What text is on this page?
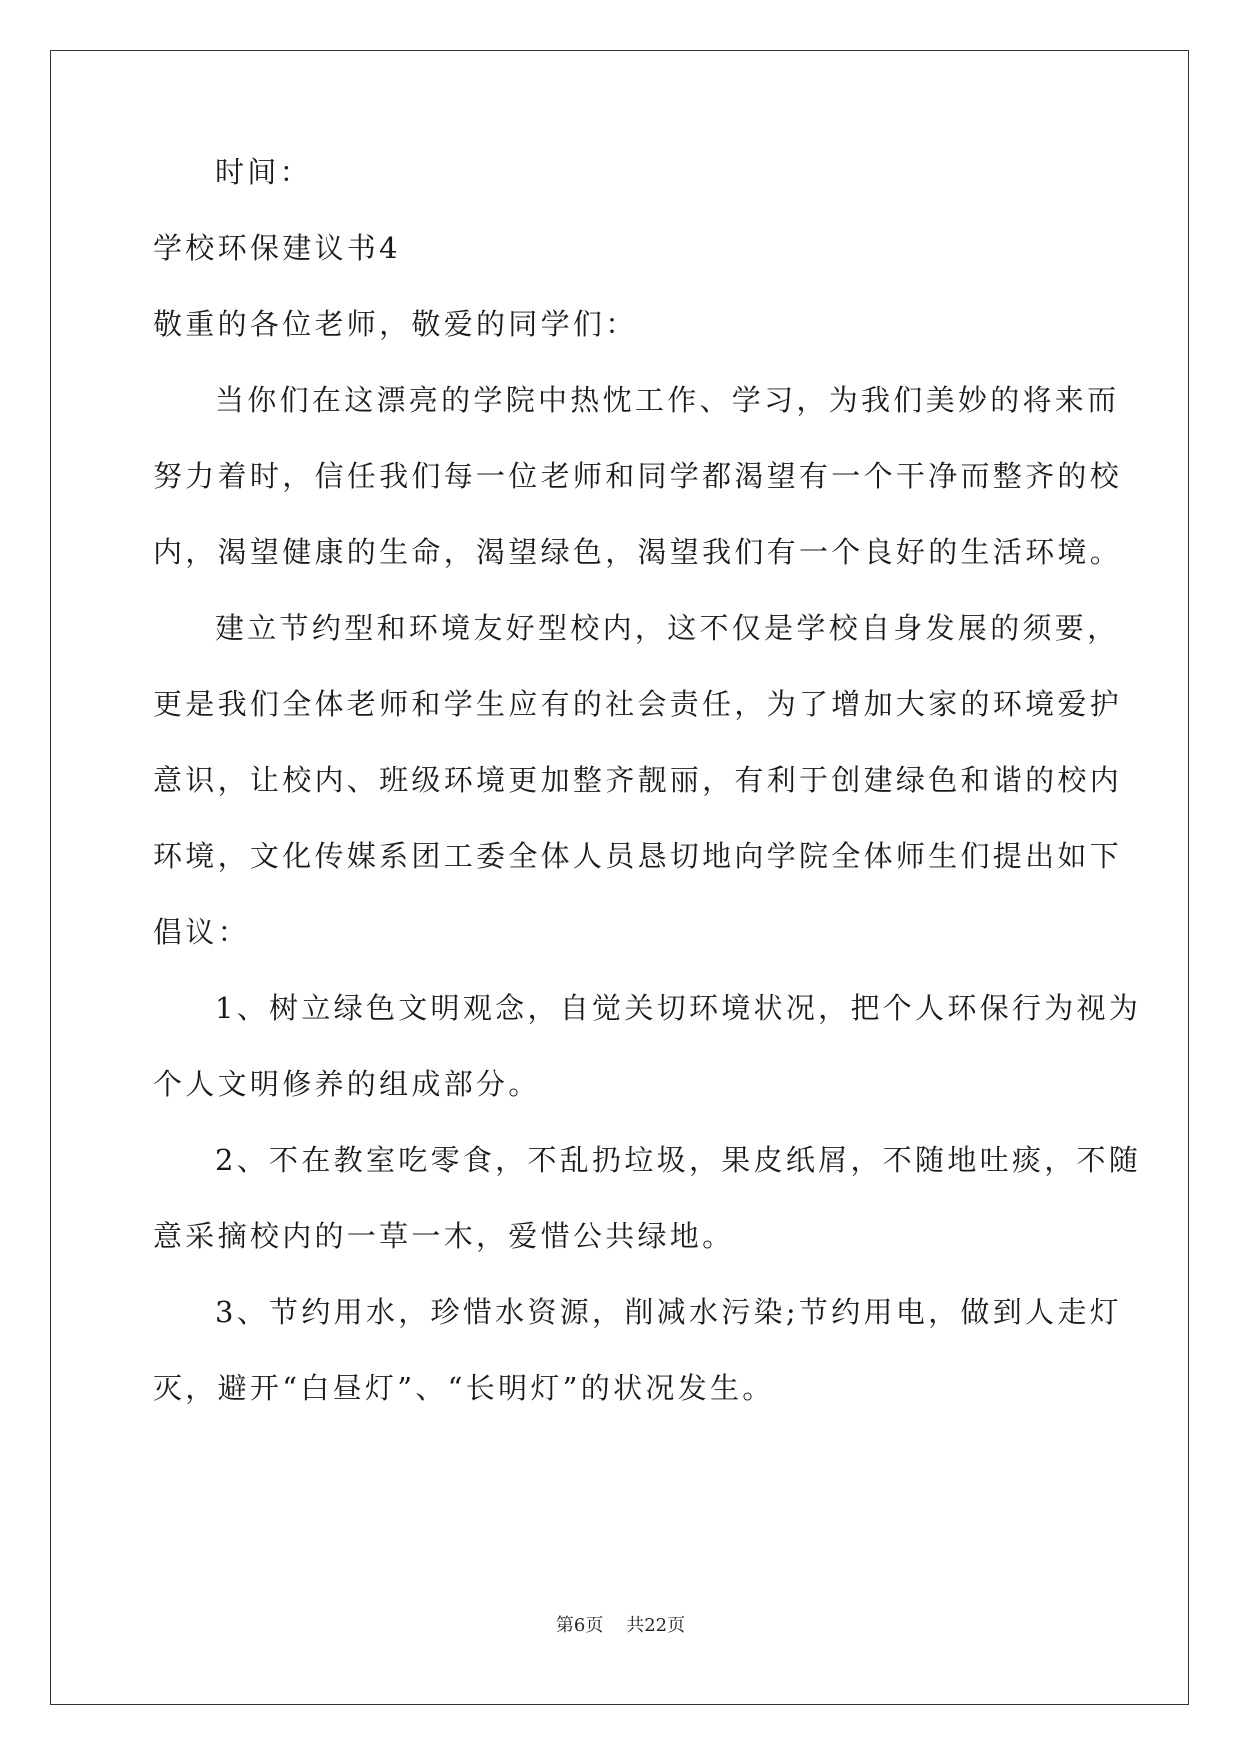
时间：
学校环保建议书4
敬重的各位老师，敬爱的同学们：
当你们在这漂亮的学院中热忱工作、学习，为我们美妙的将来而
努力着时，信任我们每一位老师和同学都渴望有一个干净而整齐的校
内，渴望健康的生命，渴望绿色，渴望我们有一个良好的生活环境。
建立节约型和环境友好型校内，这不仅是学校自身发展的须要，
更是我们全体老师和学生应有的社会责任，为了增加大家的环境爱护
意识，让校内、班级环境更加整齐靓丽，有利于创建绿色和谐的校内
环境，文化传媒系团工委全体人员恳切地向学院全体师生们提出如下
倡议：
1、树立绿色文明观念，自觉关切环境状况，把个人环保行为视为
个人文明修养的组成部分。
2、不在教室吃零食，不乱扔垃圾，果皮纸屑，不随地吐痰，不随
意采摘校内的一草一木，爱惜公共绿地。
3、节约用水，珍惜水资源，削减水污染;节约用电，做到人走灯
灭，避开“白昼灯”、“长明灯”的状况发生。
第6页    共22页
